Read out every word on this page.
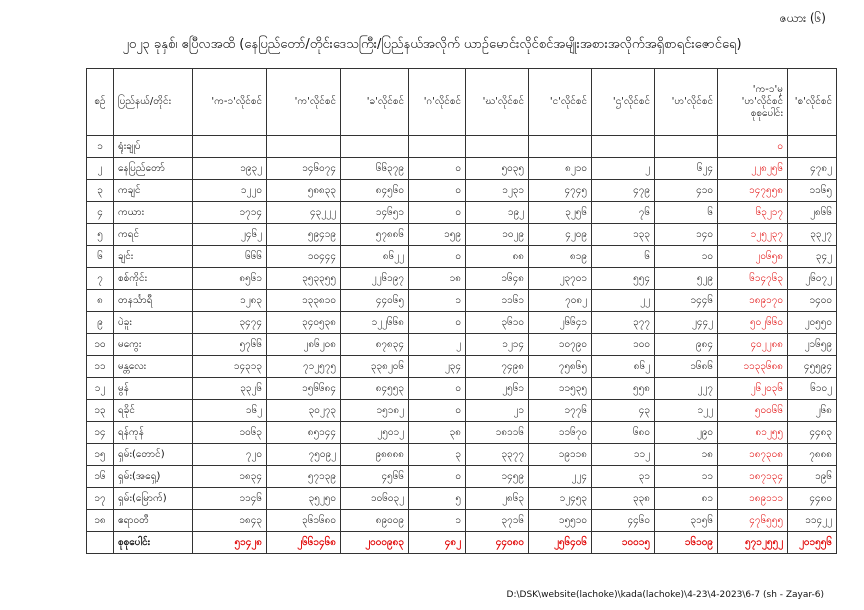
ဇယား (၆)
၂၀၂၃ ခုနှစ်၊ ဧပြီလအထိ (နေပြည်တော်/တိုင်းဒေသကြီး/ပြည်နယ်အလိုက် ယာဉ်မောင်းလိုင်စင်အမျိုးအစားအလိုက်အရှိစာရင်းဇောင်ရေ)
စဉ်	ပြည်နယ်/တိုင်း	'က-၁'လိုင်စင်	'က'လိုင်စင်	'ခ'လိုင်စင်	'ဂ'လိုင်စင်	'ဃ'လိုင်စင်	'င'လိုင်စင်	'ဌ'လိုင်စင်	'ဟ'လိုင်စင်	'က-၁'မှ 'ဟ'လိုင်စင် စုစုပေါင်း	'စ'လိုင်စင်
၁	ရုံးချုပ်									၀	
၂	နေပြည်တော်	၁၉၃၂	၁၄၆၀၇၄	၆၆၃၇၉	၀	၅၀၃၅	၈၂၁၀	၂	၆၂၄	၂၂၈၂၅၆	၄၇၈၂
၃	ကချင်	၁၂၂၀	၅၈၈၃၃	၈၄၅၆၀	၀	၁၂၃၁	၄၇၄၅	၄၇၉	၄၁၀	၁၄၇၅၅၈	၁၁၆၅
၄	ကယား	၁၇၁၄	၄၃၂၂၂	၁၄၆၅၁	၀	၁၉၂	၃၂၅၆	၇၆	၆	၆၃၂၁၇	၂၈၆၆
၅	ကရင်	၂၄၆၂	၅၉၄၁၉	၅၇၈၈၆	၁၅၉	၁၀၂၉	၄၂၀၉	၁၃၃	၁၄၀	၁၂၅၂၃၇	၃၃၂၇
၆	ချင်း	၆၆၆	၁၀၄၄၄	၈၆၂၂	၀	၈၈	၈၁၉	၆	၁၀	၂၀၆၅၈	၃၄၂
၇	စစ်ကိုင်း	၈၅၆၁	၃၅၃၃၅၅	၂၂၆၁၉၇	၁၈	၁၆၄၈	၂၃၇၀၁	၅၅၄	၅၂၉	၆၁၄၇၆၃	၂၆၀၇၂
၈	တနင်္သာရီ	၁၂၈၃	၁၃၃၈၁၀	၄၄၀၆၅	၁	၁၁၆၁	၇၀၈၂	၂၂	၁၄၄၆	၁၈၉၁၇၀	၁၄၀၀
၉	ပဲခူး	၃၄၇၄	၃၄၀၅၃၈	၁၂၂၆၆၈	၀	၃၆၁၀	၂၆၆၄၁	၃၇၇	၂၄၄၂	၅၀၂၆၆၀	၂၀၅၅၀
၁၀	မကွေး	၅၇၆၆	၂၈၆၂၀၈	၈၇၈၃၄	၂	၁၂၁၄	၁၀၇၉၀	၁၀၀	၉၈၄	၄၀၂၂၈၈	၂၁၆၅၉
၁၁	မန္တလေး	၁၄၃၁၃	၇၁၂၅၇၅	၃၃၈၂၀၆	၂၃၄	၇၄၉၈	၇၅၈၆၅	၈၆၂	၁၆၈၆	၁၁၃၃၆၈၈	၄၅၅၉၄
၁၂	မွန်	၃၃၂၆	၁၅၆၆၈၄	၈၄၅၅၃	၀	၂၅၆၁	၁၁၅၃၅	၅၅၈	၂၂၇	၂၆၂၀၃၆	၆၁၀၂
၁၃	ရခိုင်	၁၆၂	၃၀၂၇၃	၁၅၁၈၂	၀	၂၁	၁၇၇၆	၄၃	၁၂၂	၅၀၀၆၆	၂၆၈
၁၄	ရန်ကုန်	၁၀၆၃	၈၅၁၄၄	၂၅၀၁၂	၃၈	၁၈၁၁၆	၁၁၆၇၀	၆၈၀	၂၉၀	၈၁၂၅၅	၄၄၈၃
၁၅	ရှမ်း(တောင်)	၇၂၀	၇၅၀၉၂	၉၈၈၈၈	၃	၃၃၇၇	၁၉၁၁၈	၁၁၂	၁၈	၁၈၇၃၀၈	၇၈၈၈
၁၆	ရှမ်း(အရှေ့)	၁၈၃၄	၅၇၁၃၉	၄၅၆၆	၀	၁၄၅၉	၂၂၄	၃၁	၁၁	၁၈၇၁၃၄	၁၉၆
၁၇	ရှမ်း(မြောက်)	၁၁၄၆	၃၅၂၅၀	၁၀၆၀၃၂	၅	၂၈၆၃	၁၂၄၅၃	၃၃၈	၈၁	၁၈၉၁၁၁	၄၄၈၀
၁၈	ဧရာဝတီ	၁၈၄၃	၃၆၁၆၈၀	၈၉၀၀၉	၁	၃၇၁၆	၁၅၅၁၀	၄၄၆၀	၃၁၅၆	၄၇၆၅၅၅	၁၁၄၂၂
	စုစုပေါင်း	၅၁၄၂၈	၂၆၆၁၄၆၈	၂၀၀၀၉၈၃	၄၈၂	၄၄၀၈၀	၂၅၆၄၀၆	၁၀၀၁၅	၁၆၁၀၉	၅၇၁၂၅၅၂	၂၀၁၅၅၆
D:\DSK\website(lachoke)\kada(lachoke)\4-23\4-2023\6-7 (sh - Zayar-6)
